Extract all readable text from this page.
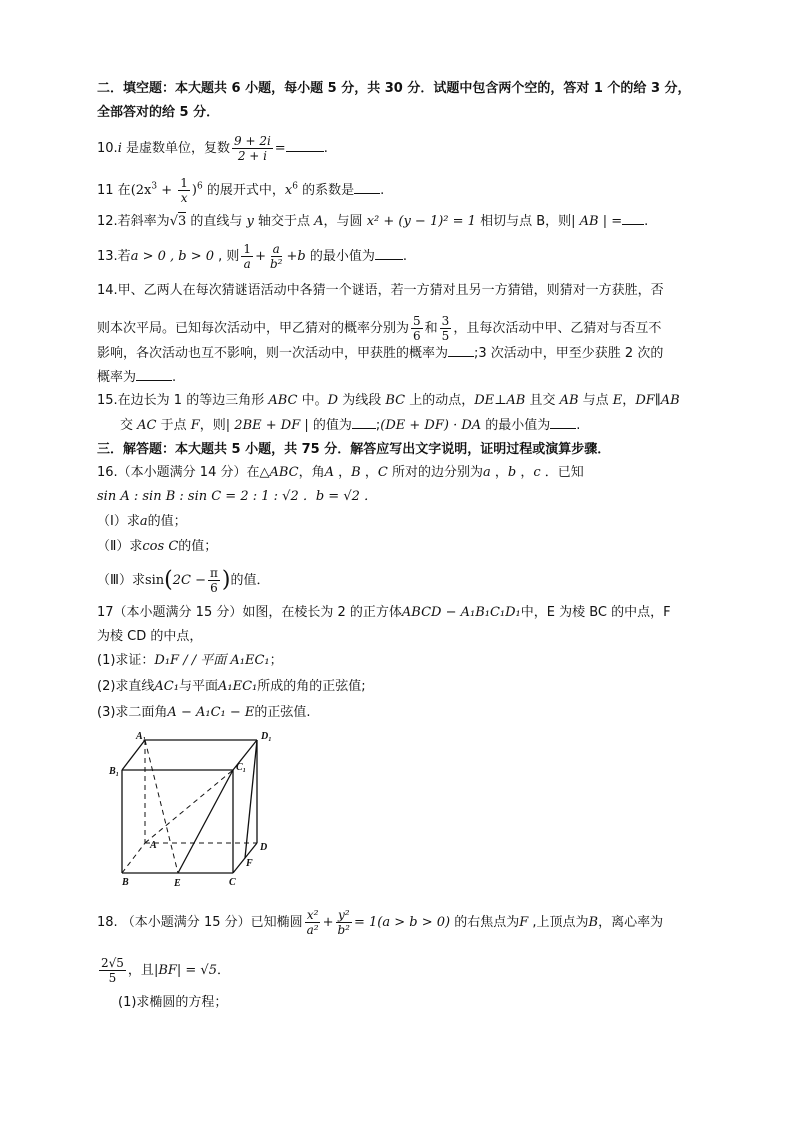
二．填空题：本大题共 6 小题，每小题 5 分，共 30 分．试题中包含两个空的，答对 1 个的给 3 分，
全部答对的给 5 分．
10.i 是虚数单位，复数 $\frac{9 + 2i}{2 + i}$ =	.
11 在$(2x^3 + \frac{1}{x} )^6$ 的展开式中，$x^6$ 的系数是 .
12.若斜率为√3 的直线与 y 轴交于点 A，与圆 x² + (y − 1)² = 1 相切与点 B，则| AB | = .
13.若a > 0 , b > 0 , 则 $\frac{1}{a} + \frac{a}{\text{b²}} +b$ 的最小值为 .
14.甲、乙两人在每次猜谜语活动中各猜一个谜语，若一方猜对且另一方猜错，则猜对一方获胜，否
则本次平局。已知每次活动中，甲乙猜对的概率分别为 $\frac{5}{6}$ 和 $\frac{3}{5}$ ，且每次活动中甲、乙猜对与否互不
影响，各次活动也互不影响，则一次活动中，甲获胜的概率为 ;3 次活动中，甲至少获胜 2 次的
概率为	.
15.在边长为 1 的等边三角形 ABC 中。D 为线段 BC 上的动点，DE⊥AB 且交 AB 与点 E，DF∥AB
交 AC 于点 F，则| 2BE + DF | 的值为 ;(DE + DF) · DA 的最小值为 .
三．解答题：本大题共 5 小题，共 75 分．解答应写出文字说明，证明过程或演算步骤．
16.（本小题满分 14 分）在△ABC，角A ，B ，C 所对的边分别为a ，b ，c ．已知
sin A : sin B : sin C = 2 : 1 : √2 ．b = √2 ．
（Ⅰ）求a的值；
（Ⅱ）求cos C的值；
（Ⅲ）求$\sin(2C - \frac{\pi}{6}$ )的值．
17（本小题满分 15 分）如图，在棱长为 2 的正方体ABCD − A₁B₁C₁D₁中，E 为棱 BC 的中点，F
为棱 CD 的中点，
(1)求证：D₁F / / 平面 A₁EC₁；
(2)求直线AC₁与平面A₁EC₁所成的角的正弦值;
(3)求二面角A − A₁C₁ − E的正弦值.
A₁	D₁
B₁	C₁
A	D
F
B	E	C
18. （本小题满分 15 分）已知椭圆 $\frac{\text{x²}}{\text{a²}} + \frac{\text{y²}}{\text{b²}} = 1(a > b > 0)$ 的右焦点为F ,上顶点为B，离心率为
$\frac{2√5}{5}$ ，且|BF| = √5．
(1)求椭圆的方程；
